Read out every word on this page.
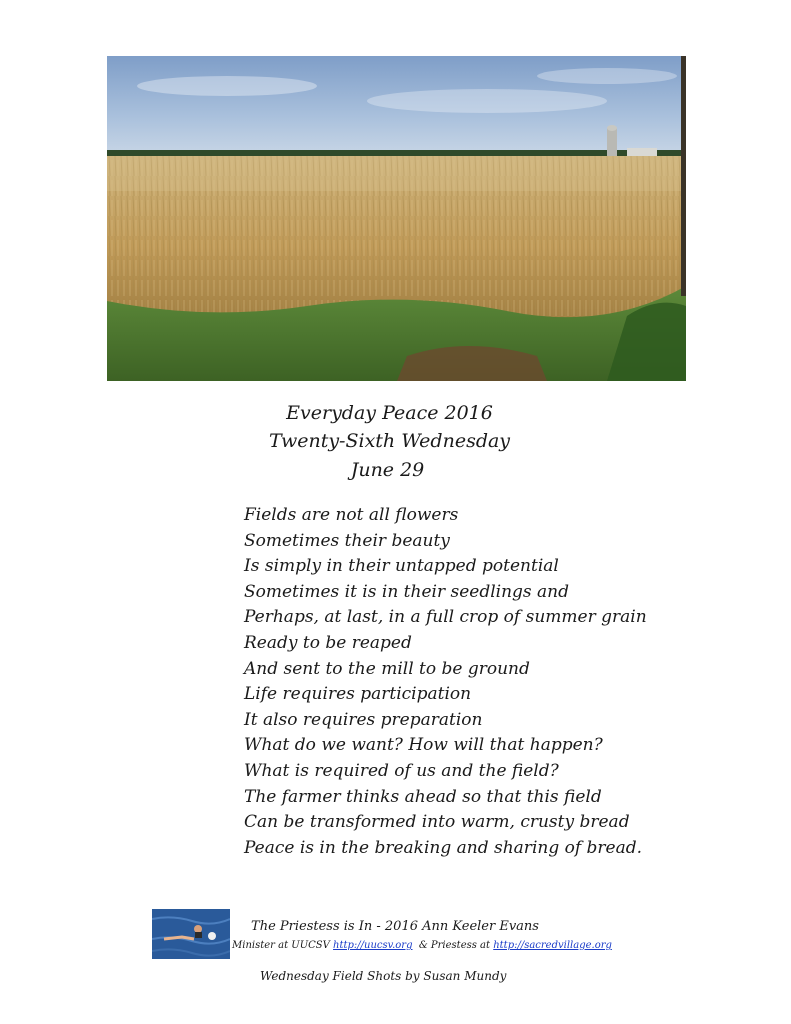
Everyday Peace 2016
Twenty-Sixth Wednesday
June 29
Fields are not all flowers
Sometimes their beauty
Is simply in their untapped potential
Sometimes it is in their seedlings and
Perhaps, at last, in a full crop of summer grain
Ready to be reaped
And sent to the mill to be ground
Life requires participation
It also requires preparation
What do we want? How will that happen?
What is required of us and the field?
The farmer thinks ahead so that this field
Can be transformed into warm, crusty bread
Peace is in the breaking and sharing of bread.
The Priestess is In - 2016 Ann Keeler Evans
Minister at UUCSV http://uucsv.org  & Priestess at http://sacredvillage.org
Wednesday Field Shots by Susan Mundy
